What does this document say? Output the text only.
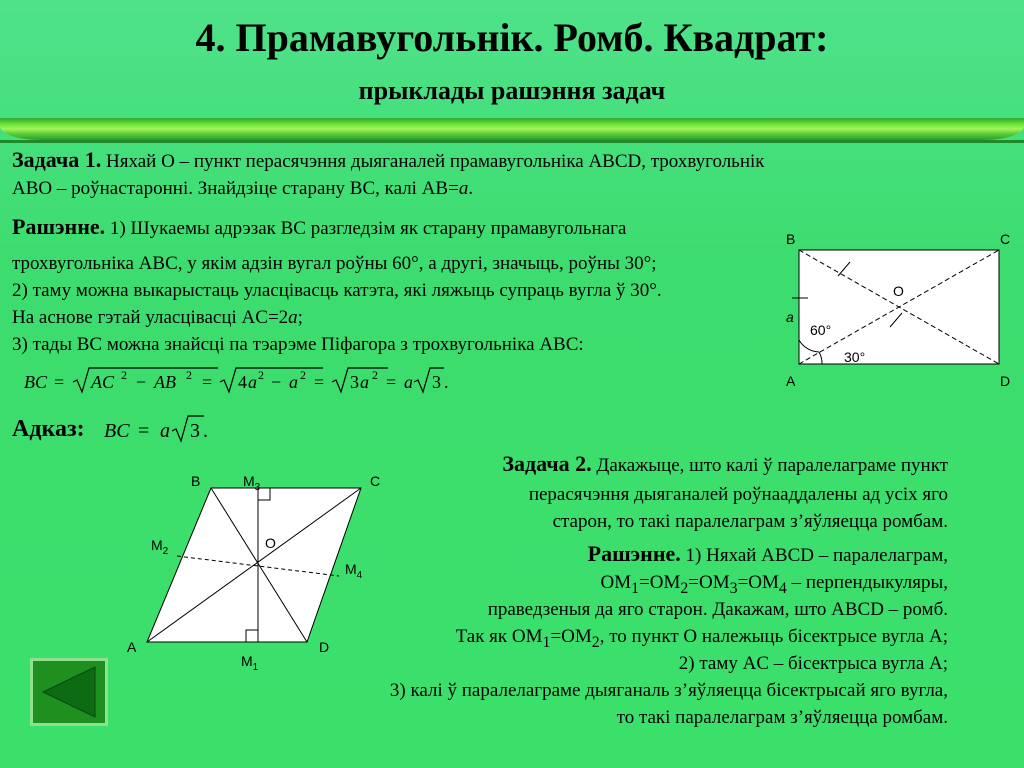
4. Прамавугольнік. Ромб. Квадрат:
прыклады рашэння задач
Задача 1. Няхай О – пункт перасячэння дыяганалей прамавугольніка ABCD, трохвугольнік
ABO – роўнастаронні. Знайдзіце старану BC, калі AB=a.
Рашэнне. 1) Шукаемы адрэзак BC разгледзім як старану прамавугольнага
трохвугольніка ABC, у якім адзін вугал роўны 60°, а другі, значыць, роўны 30°;
2) таму можна выкарыстаць уласцівасць катэта, які ляжыць супраць вугла ў 30°.
На аснове гэтай уласцівасці AC=2a;
3) тады BC можна знайсці па тэарэме Піфагора з трохвугольніка ABC:
BC = AC 2 − AB 2 = 4 a 2 − a 2 = 3 a 2 = a 3 .
Адказ: BC = a 3 .
B	C
A	D
O
a
60°
30°
B	C
A	D
O
$M_3$
$M_1$
$M_2$
$M_4$
Задача 2. Дакажыце, што калі ў паралелаграме пункт
перасячэння дыяганалей роўнааддалены ад усіх яго
старон, то такі паралелаграм з’яўляецца ромбам.
Рашэнне. 1) Няхай ABCD – паралелаграм,
$OM_1=OM_2=OM_3=OM_4$ – перпендыкуляры,
праведзеныя да яго старон. Дакажам, што ABCD – ромб.
Так як $OM_1=OM_2$, то пункт O належыць бісектрысе вугла A;
2) таму AC – бісектрыса вугла A;
3) калі ў паралелаграме дыяганаль з’яўляецца бісектрысай яго вугла,
то такі паралелаграм з’яўляецца ромбам.
